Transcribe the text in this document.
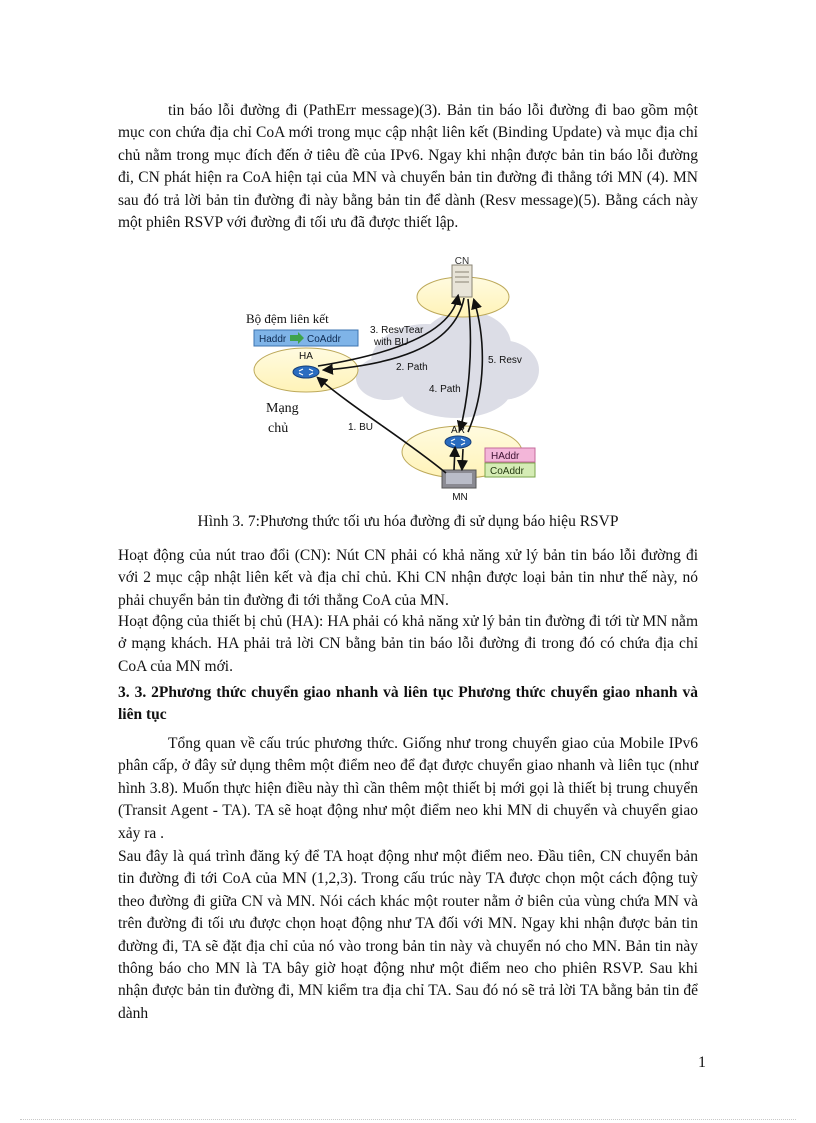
tin báo lỗi đường đi (PathErr message)(3). Bản tin báo lỗi đường đi bao gồm một mục con chứa địa chỉ CoA mới trong mục cập nhật liên kết (Binding Update) và mục địa chỉ chủ nằm trong mục đích đến ở tiêu đề của IPv6. Ngay khi nhận được bản tin báo lỗi đường đi, CN phát hiện ra CoA hiện tại của MN và chuyển bản tin đường đi thẳng tới MN (4). MN sau đó trả lời bản tin đường đi này bằng bản tin để dành (Resv message)(5). Bằng cách này một phiên RSVP với đường đi tối ưu đã được thiết lập.

CN
Bộ đệm liên kết
Haddr CoAddr
HA
Mạng
chủ	AR
MN
HAddr
CoAddr
3. ResvTear
with BU
2. Path
4. Path
5. Resv
1. BU
Hình 3. 7:Phương thức tối ưu hóa đường đi sử dụng báo hiệu RSVP

Hoạt động của nút trao đổi (CN): Nút CN phải có khả năng xử lý bản tin báo lỗi đường đi với 2 mục cập nhật liên kết và địa chỉ chủ. Khi CN nhận được loại bản tin như thế này, nó phải chuyển bản tin đường đi tới thẳng CoA của MN.

Hoạt động của thiết bị chủ (HA): HA phải có khả năng xử lý bản tin đường đi tới từ MN nằm ở mạng khách. HA phải trả lời CN bằng bản tin báo lỗi đường đi trong đó có chứa địa chỉ CoA của MN mới.

3. 3. 2Phương thức chuyển giao nhanh và liên tục Phương thức chuyển giao nhanh và liên tục

Tổng quan về cấu trúc phương thức. Giống như trong chuyển giao của Mobile IPv6 phân cấp, ở đây sử dụng thêm một điểm neo để đạt được chuyển giao nhanh và liên tục (như hình 3.8). Muốn thực hiện điều này thì cần thêm một thiết bị mới gọi là thiết bị trung chuyển (Transit Agent - TA). TA sẽ hoạt động như một điểm neo khi MN di chuyển và chuyển giao xảy ra .

Sau đây là quá trình đăng ký để TA hoạt động như một điểm neo. Đầu tiên, CN chuyển bản tin đường đi tới CoA của MN (1,2,3). Trong cấu trúc này TA được chọn một cách động tuỳ theo đường đi giữa CN và MN. Nói cách khác một router nằm ở biên của vùng chứa MN và trên đường đi tối ưu được chọn hoạt động như TA đối với MN. Ngay khi nhận được bản tin đường đi, TA sẽ đặt địa chỉ của nó vào trong bản tin này và chuyển nó cho MN. Bản tin này thông báo cho MN là TA bây giờ hoạt động như một điểm neo cho phiên RSVP. Sau khi nhận được bản tin đường đi, MN kiểm tra địa chỉ TA. Sau đó nó sẽ trả lời TA bằng bản tin để dành

1
